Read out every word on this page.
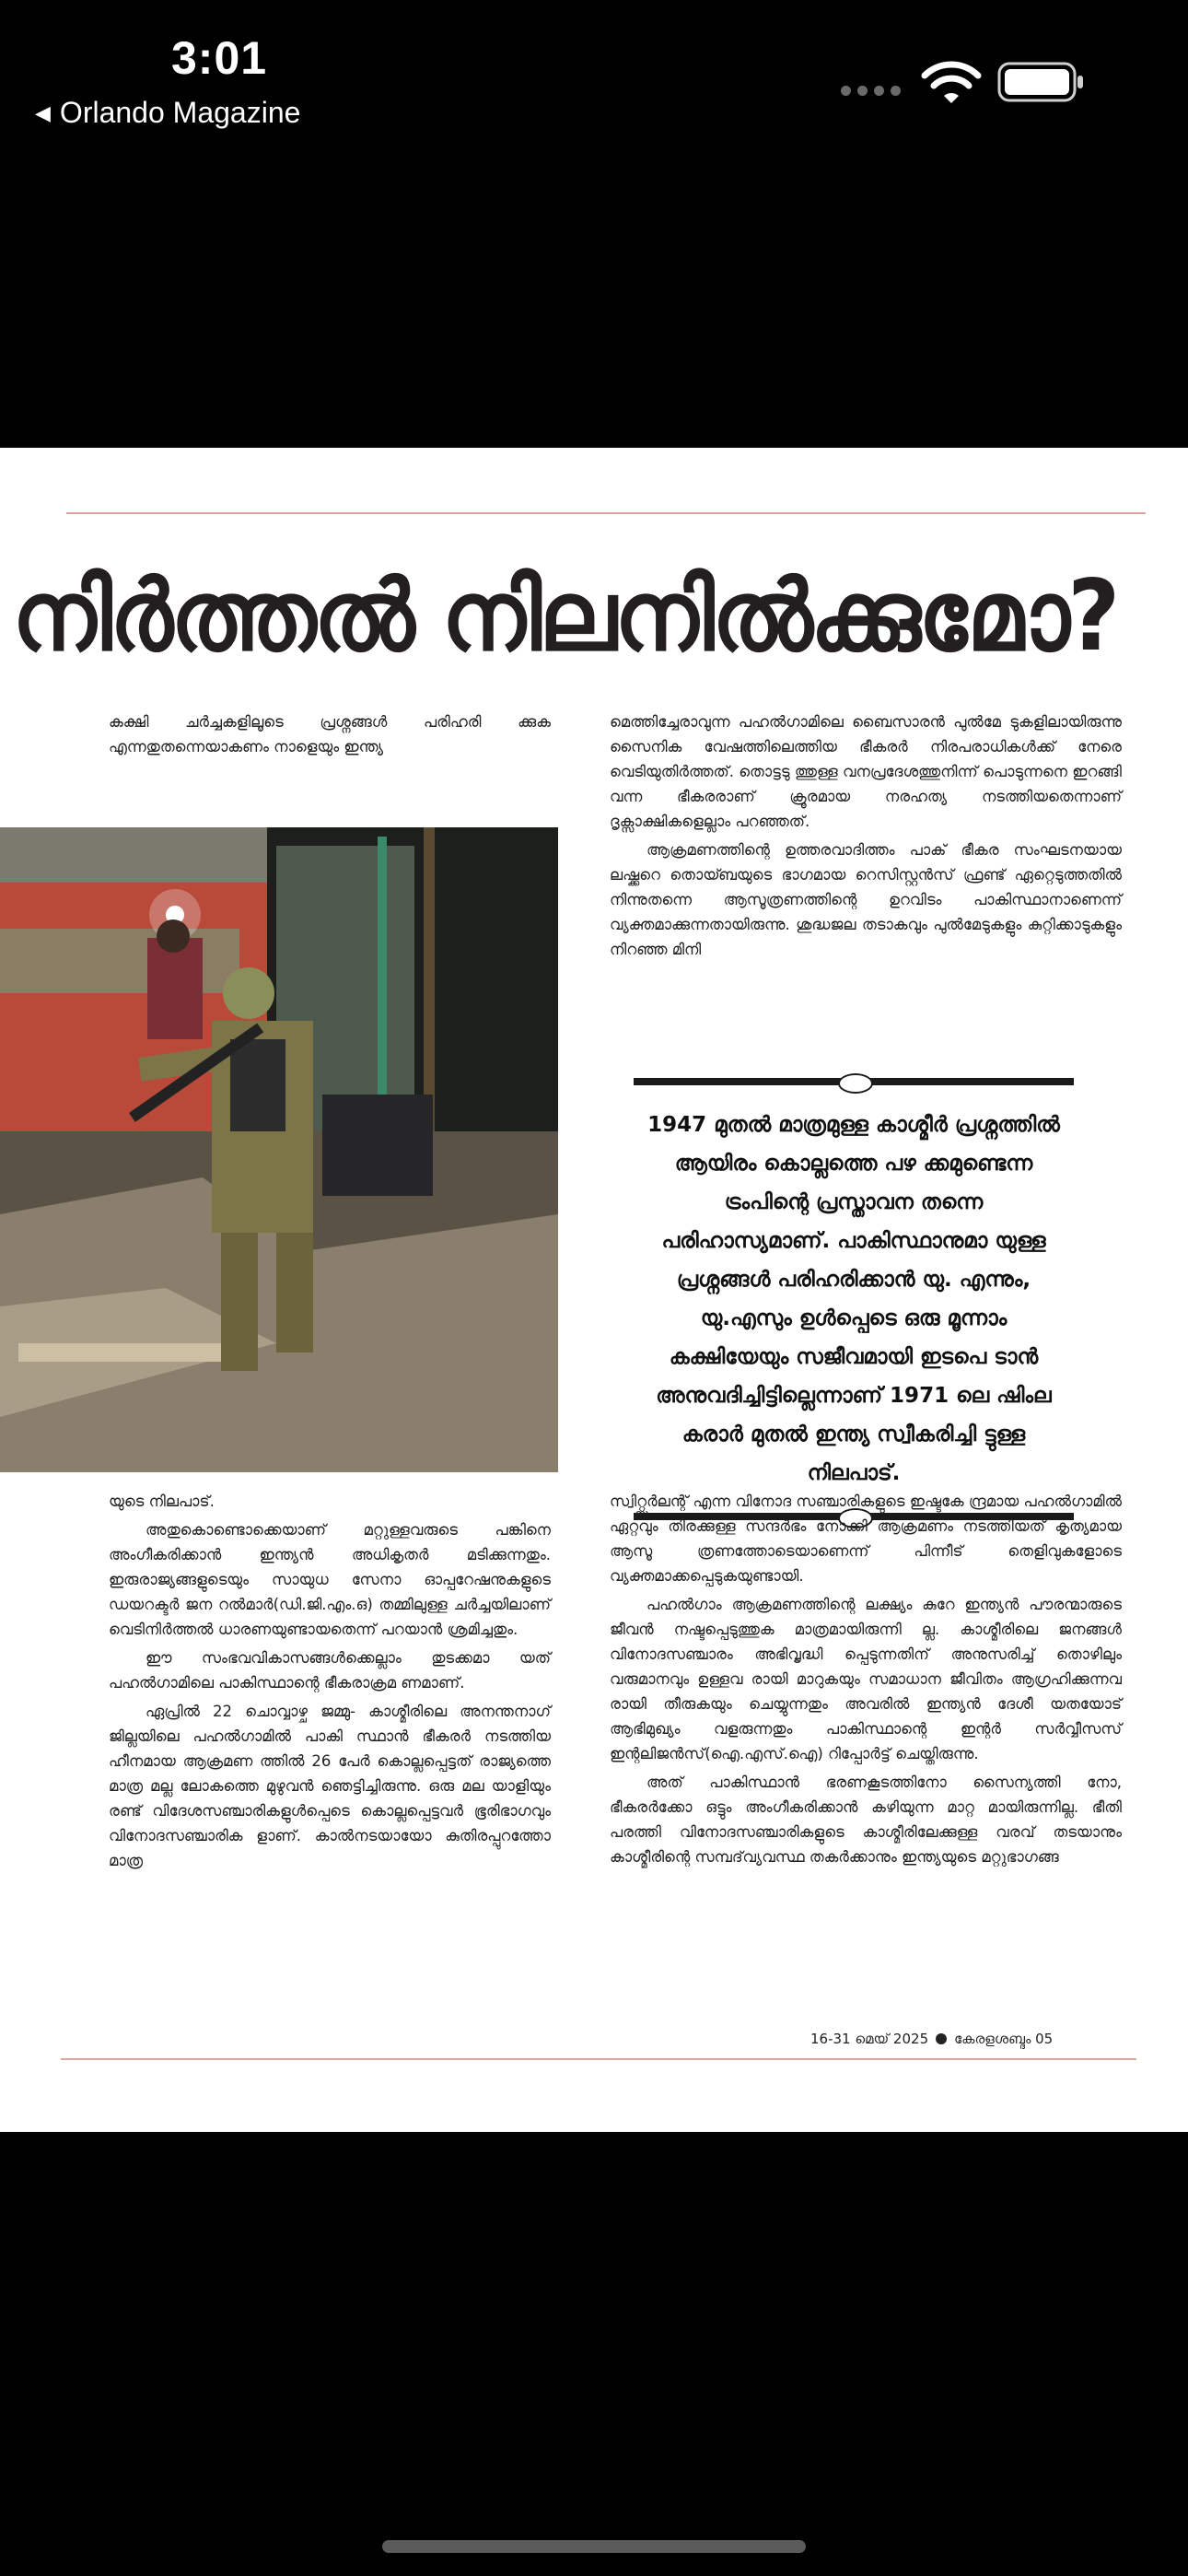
3:01
◀ Orlando Magazine
നിർത്തൽ നിലനിൽക്കുമോ?

കക്ഷി ചർച്ചകളിലൂടെ പ്രശ്നങ്ങൾ പരിഹരി ക്കുക എന്നതുതന്നെയാകണം നാളെയും ഇന്ത്യ

യുടെ നിലപാട്.

അതുകൊണ്ടൊക്കെയാണ് മറ്റുള്ളവരുടെ പങ്കിനെ അംഗീകരിക്കാൻ ഇന്ത്യൻ അധികൃതർ മടിക്കുന്നതും. ഇരുരാജ്യങ്ങളുടെയും സായുധ സേനാ ഓപ്പറേഷനുകളുടെ ഡയറക്ടർ ജന റൽമാർ(ഡി.ജി.എം.ഒ) തമ്മിലുള്ള ചർച്ചയിലാണ് വെടിനിർത്തൽ ധാരണയുണ്ടായതെന്ന് പറയാൻ ശ്രമിച്ചതും.

ഈ സംഭവവികാസങ്ങൾക്കെല്ലാം തുടക്കമാ യത് പഹൽഗാമിലെ പാകിസ്ഥാന്റെ ഭീകരാക്രമ ണമാണ്.

ഏപ്രിൽ 22 ചൊവ്വാഴ്ച ജമ്മു- കാശ്മീരിലെ അനന്തനാഗ് ജില്ലയിലെ പഹൽഗാമിൽ പാകി സ്ഥാൻ ഭീകരർ നടത്തിയ ഹീനമായ ആക്രമണ ത്തിൽ 26 പേർ കൊല്ലപ്പെട്ടത് രാജ്യത്തെ മാത്ര മല്ല ലോകത്തെ മുഴുവൻ ഞെട്ടിച്ചിരുന്നു. ഒരു മല യാളിയും രണ്ട് വിദേശസഞ്ചാരികളുൾപ്പെടെ കൊല്ലപ്പെട്ടവർ ഭൂരിഭാഗവും വിനോദസഞ്ചാരിക ളാണ്. കാൽനടയായോ കുതിരപ്പുറത്തോ മാത്ര

മെത്തിച്ചേരാവുന്ന പഹൽഗാമിലെ ബൈസാരൻ പുൽമേ ടുകളിലായിരുന്നു സൈനിക വേഷത്തിലെത്തിയ ഭീകരർ നിരപരാധികൾക്ക് നേരെ വെടിയുതിർത്തത്. തൊട്ടടു ത്തുള്ള വനപ്രദേശത്തുനിന്ന് പൊടുന്നനെ ഇറങ്ങി വന്ന ഭീകരരാണ് ക്രൂരമായ നരഹത്യ നടത്തിയതെന്നാണ് ദൃക്സാക്ഷികളെല്ലാം പറഞ്ഞത്.

ആക്രമണത്തിന്റെ ഉത്തരവാദിത്തം പാക് ഭീകര സംഘടനയായ ലഷ്ക്കറെ തൊയ്ബയുടെ ഭാഗമായ റെസിസ്റ്റൻസ് ഫ്രണ്ട് ഏറ്റെടുത്തതിൽ നിന്നുതന്നെ ആസൂത്രണത്തിന്റെ ഉറവിടം പാകിസ്ഥാനാണെന്ന് വ്യക്തമാക്കുന്നതായിരുന്നു. ശുദ്ധജല തടാകവും പുൽമേടുകളും കുറ്റിക്കാടുകളും നിറഞ്ഞ മിനി

1947 മുതൽ മാത്രമുള്ള കാശ്മീർ പ്രശ്നത്തിൽ ആയിരം കൊല്ലത്തെ പഴ ക്കമുണ്ടെന്ന ട്രംപിന്റെ പ്രസ്താവന തന്നെ പരിഹാസ്യമാണ്. പാകിസ്ഥാനുമാ യുള്ള പ്രശ്നങ്ങൾ പരിഹരിക്കാൻ യു. എന്നും, യു.എസും ഉൾപ്പെടെ ഒരു മൂന്നാം കക്ഷിയേയും സജീവമായി ഇടപെ ടാൻ അനുവദിച്ചിട്ടില്ലെന്നാണ് 1971 ലെ ഷിംല കരാർ മുതൽ ഇന്ത്യ സ്വീകരിച്ചി ട്ടുള്ള നിലപാട്.

സ്വിറ്റ്സർലന്റ് എന്ന വിനോദ സഞ്ചാരികളുടെ ഇഷ്ടകേ ന്ദ്രമായ പഹൽഗാമിൽ ഏറ്റവും തിരക്കുള്ള സന്ദർഭം നോക്കി ആക്രമണം നടത്തിയത് കൃത്യമായ ആസൂ ത്രണത്തോടെയാണെന്ന് പിന്നീട് തെളിവുകളോടെ വ്യക്തമാക്കപ്പെടുകയുണ്ടായി.

പഹൽഗാം ആക്രമണത്തിന്റെ ലക്ഷ്യം കുറേ ഇന്ത്യൻ പൗരന്മാരുടെ ജീവൻ നഷ്ടപ്പെടുത്തുക മാത്രമായിരുന്നി ല്ല. കാശ്മീരിലെ ജനങ്ങൾ വിനോദസഞ്ചാരം അഭിവൃദ്ധി പ്പെടുന്നതിന് അനുസരിച്ച് തൊഴിലും വരുമാനവും ഉള്ളവ രായി മാറുകയും സമാധാന ജീവിതം ആഗ്രഹിക്കുന്നവ രായി തീരുകയും ചെയ്യുന്നതും അവരിൽ ഇന്ത്യൻ ദേശീ യതയോട് ആഭിമുഖ്യം വളരുന്നതും പാകിസ്ഥാന്റെ ഇന്റർ സർവ്വീസസ് ഇന്റലിജൻസ്(ഐ.എസ്.ഐ) റിപ്പോർട്ട് ചെയ്തിരുന്നു.

അത് പാകിസ്ഥാൻ ഭരണകൂടത്തിനോ സൈന്യത്തി നോ, ഭീകരർക്കോ ഒട്ടും അംഗീകരിക്കാൻ കഴിയുന്ന മാറ്റ മായിരുന്നില്ല. ഭീതി പരത്തി വിനോദസഞ്ചാരികളുടെ കാശ്മീരിലേക്കുള്ള വരവ് തടയാനും കാശ്മീരിന്റെ സമ്പദ്‌വ്യവസ്ഥ തകർക്കാനും ഇന്ത്യയുടെ മറ്റുഭാഗങ്ങ

16-31 മെയ് 2025 കേരളശബ്ദം 05
